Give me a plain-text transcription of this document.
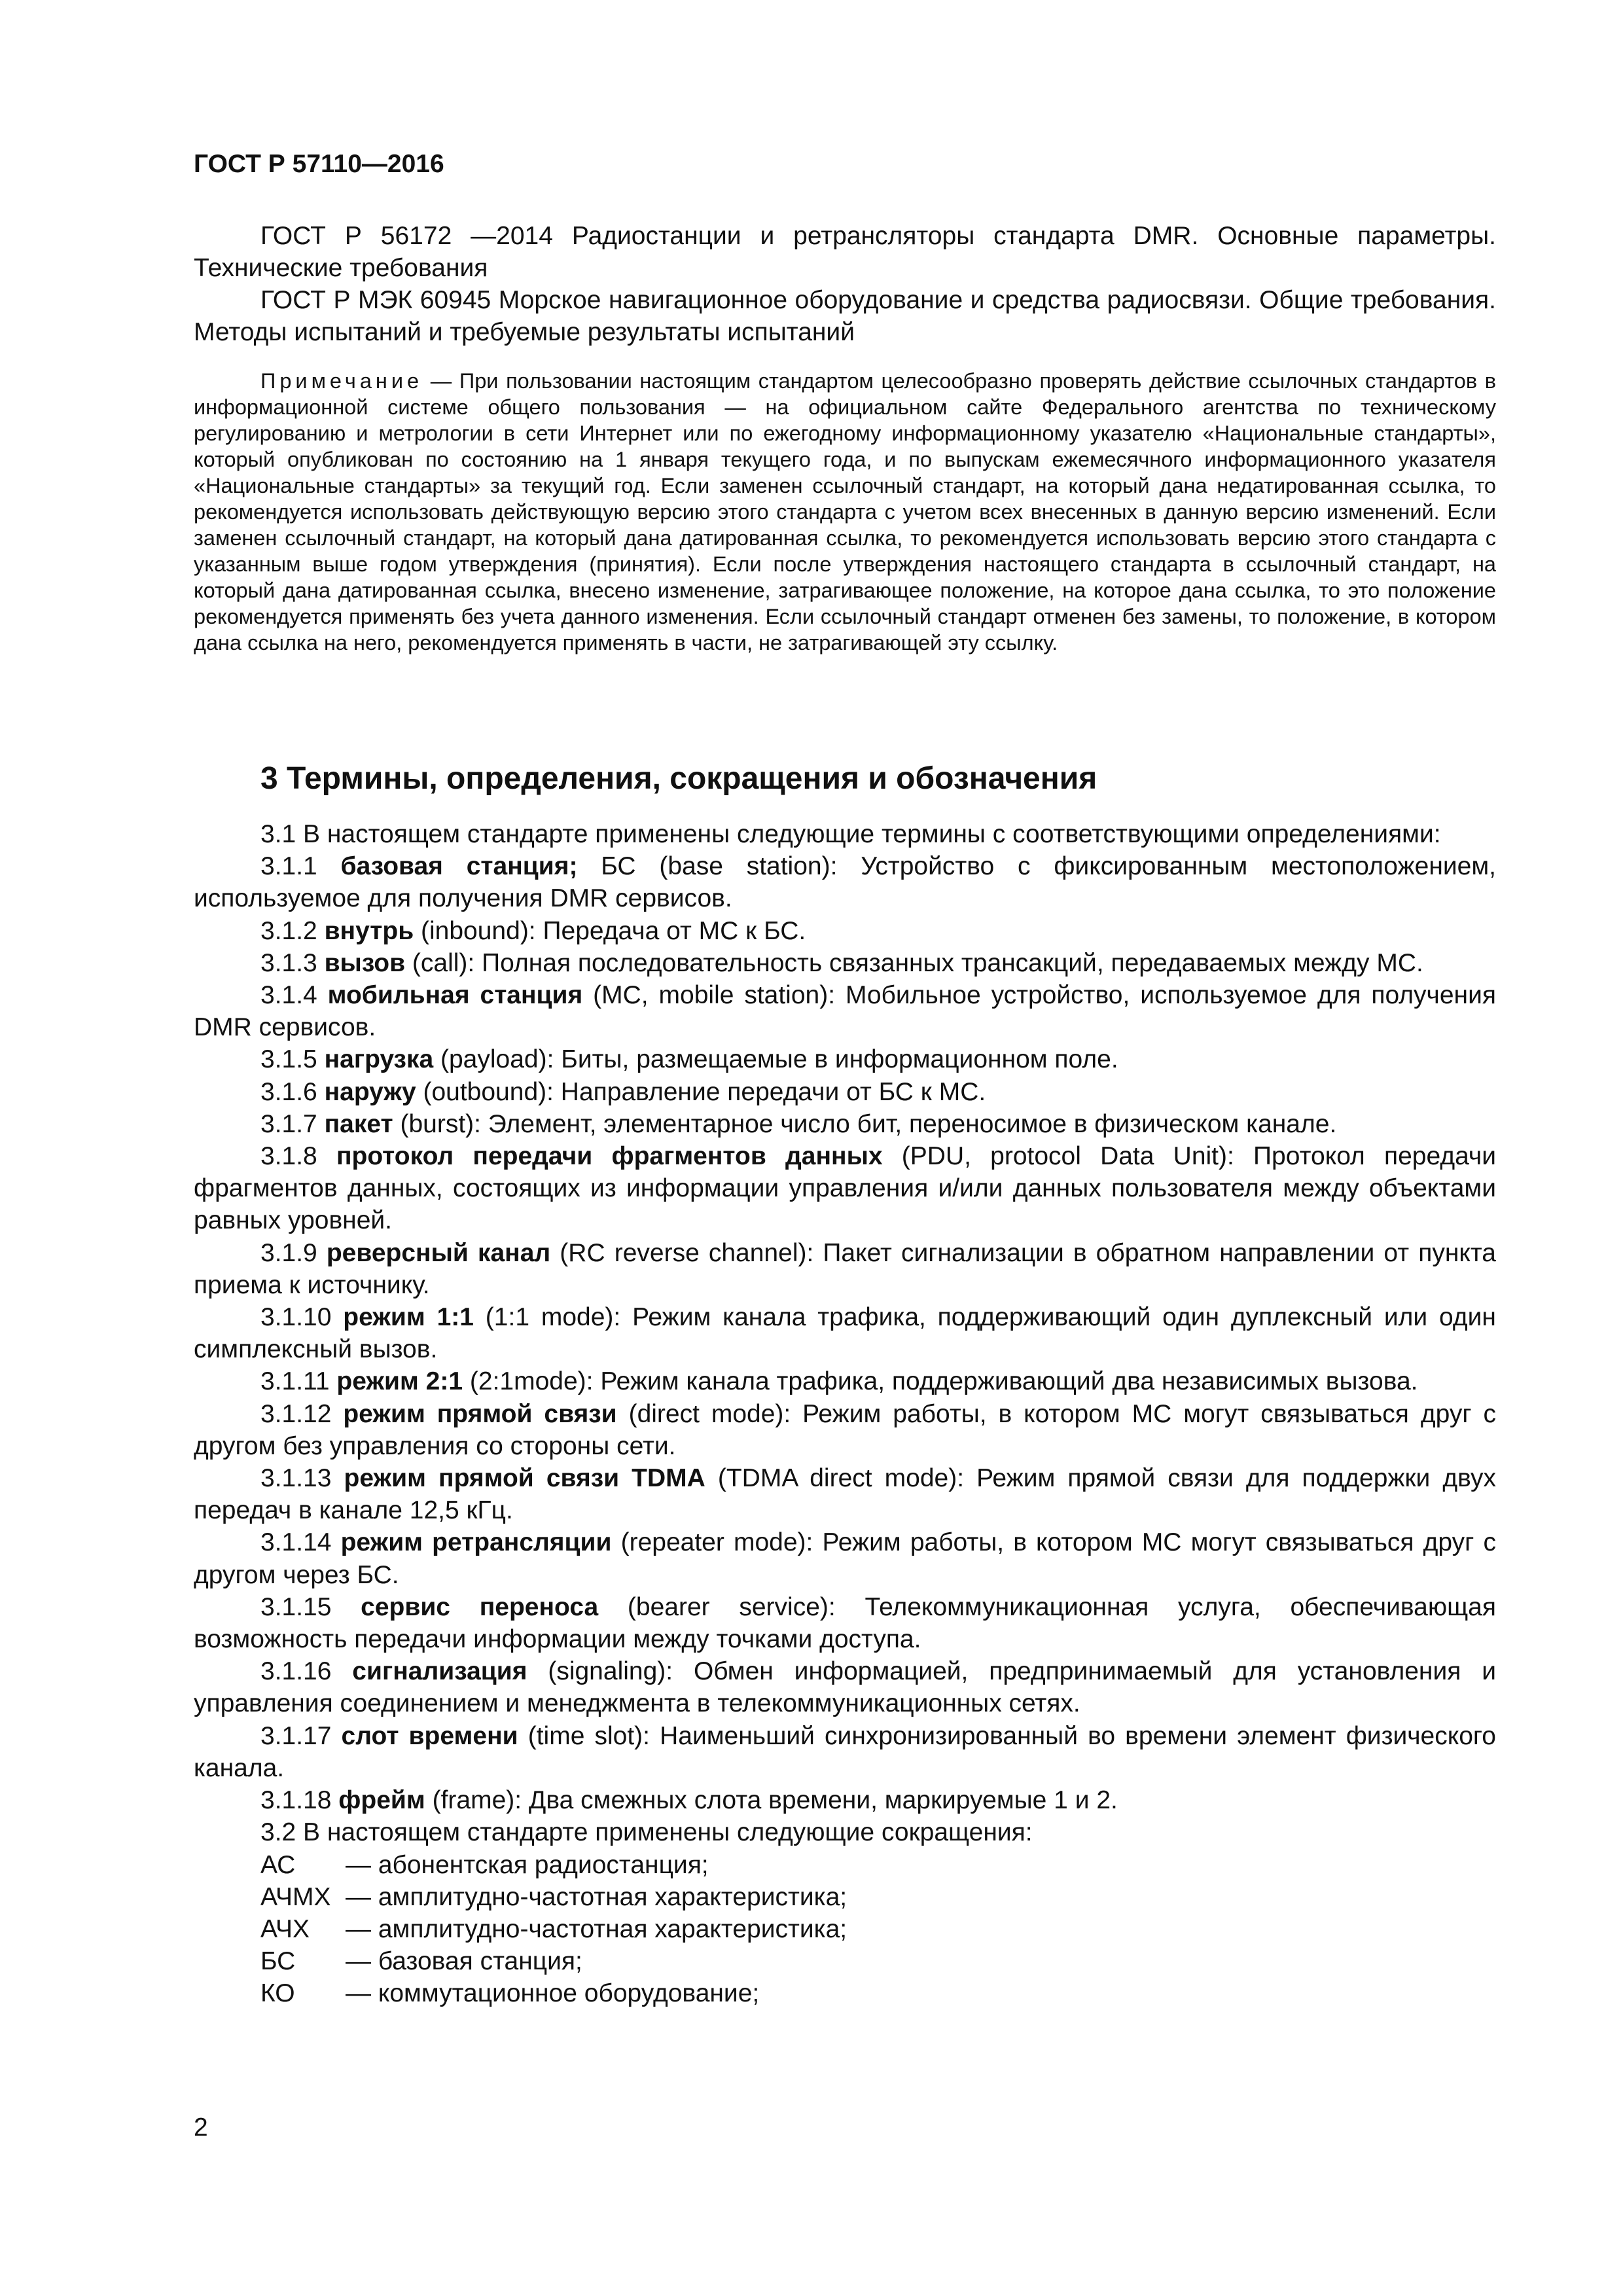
ГОСТ Р 57110—2016

ГОСТ Р 56172 —2014 Радиостанции и ретрансляторы стандарта DMR. Основные параметры. Технические требования

ГОСТ Р МЭК 60945 Морское навигационное оборудование и средства радиосвязи. Общие требования. Методы испытаний и требуемые результаты испытаний

Примечание — При пользовании настоящим стандартом целесообразно проверять действие ссылочных стандартов в информационной системе общего пользования — на официальном сайте Федерального агентства по техническому регулированию и метрологии в сети Интернет или по ежегодному информационному указателю «Национальные стандарты», который опубликован по состоянию на 1 января текущего года, и по выпускам ежемесячного информационного указателя «Национальные стандарты» за текущий год. Если заменен ссылочный стандарт, на который дана недатированная ссылка, то рекомендуется использовать действующую версию этого стандарта с учетом всех внесенных в данную версию изменений. Если заменен ссылочный стандарт, на который дана датированная ссылка, то рекомендуется использовать версию этого стандарта с указанным выше годом утверждения (принятия). Если после утверждения настоящего стандарта в ссылочный стандарт, на который дана датированная ссылка, внесено изменение, затрагивающее положение, на которое дана ссылка, то это положение рекомендуется применять без учета данного изменения. Если ссылочный стандарт отменен без замены, то положение, в котором дана ссылка на него, рекомендуется применять в части, не затрагивающей эту ссылку.
3 Термины, определения, сокращения и обозначения

3.1 В настоящем стандарте применены следующие термины с соответствующими определениями:

3.1.1 базовая станция; БС (base station): Устройство с фиксированным местоположением, используемое для получения DMR сервисов.

3.1.2 внутрь (inbound): Передача от МС к БС.

3.1.3 вызов (call): Полная последовательность связанных трансакций, передаваемых между МС.

3.1.4 мобильная станция (МС, mobile station): Мобильное устройство, используемое для получения DMR сервисов.

3.1.5 нагрузка (payload): Биты, размещаемые в информационном поле.

3.1.6 наружу (outbound): Направление передачи от БС к МС.

3.1.7 пакет (burst): Элемент, элементарное число бит, переносимое в физическом канале.

3.1.8 протокол передачи фрагментов данных (PDU, protocol Data Unit): Протокол передачи фрагментов данных, состоящих из информации управления и/или данных пользователя между объектами равных уровней.

3.1.9 реверсный канал (RC reverse channel): Пакет сигнализации в обратном направлении от пункта приема к источнику.

3.1.10 режим 1:1 (1:1 mode): Режим канала трафика, поддерживающий один дуплексный или один симплексный вызов.

3.1.11 режим 2:1 (2:1mode): Режим канала трафика, поддерживающий два независимых вызова.

3.1.12 режим прямой связи (direct mode): Режим работы, в котором МС могут связываться друг с другом без управления со стороны сети.

3.1.13 режим прямой связи TDMA (TDMA direct mode): Режим прямой связи для поддержки двух передач в канале 12,5 кГц.

3.1.14 режим ретрансляции (repeater mode): Режим работы, в котором МС могут связываться друг с другом через БС.

3.1.15 сервис переноса (bearer service): Телекоммуникационная услуга, обеспечивающая возможность передачи информации между точками доступа.

3.1.16 сигнализация (signaling): Обмен информацией, предпринимаемый для установления и управления соединением и менеджмента в телекоммуникационных сетях.

3.1.17 слот времени (time slot): Наименьший синхронизированный во времени элемент физического канала.

3.1.18 фрейм (frame): Два смежных слота времени, маркируемые 1 и 2.

3.2 В настоящем стандарте применены следующие сокращения:

АС	— абонентская радиостанция;
АЧМХ — амплитудно-частотная характеристика;
АЧХ	— амплитудно-частотная характеристика;
БС	— базовая станция;
КО	— коммутационное оборудование;
2
